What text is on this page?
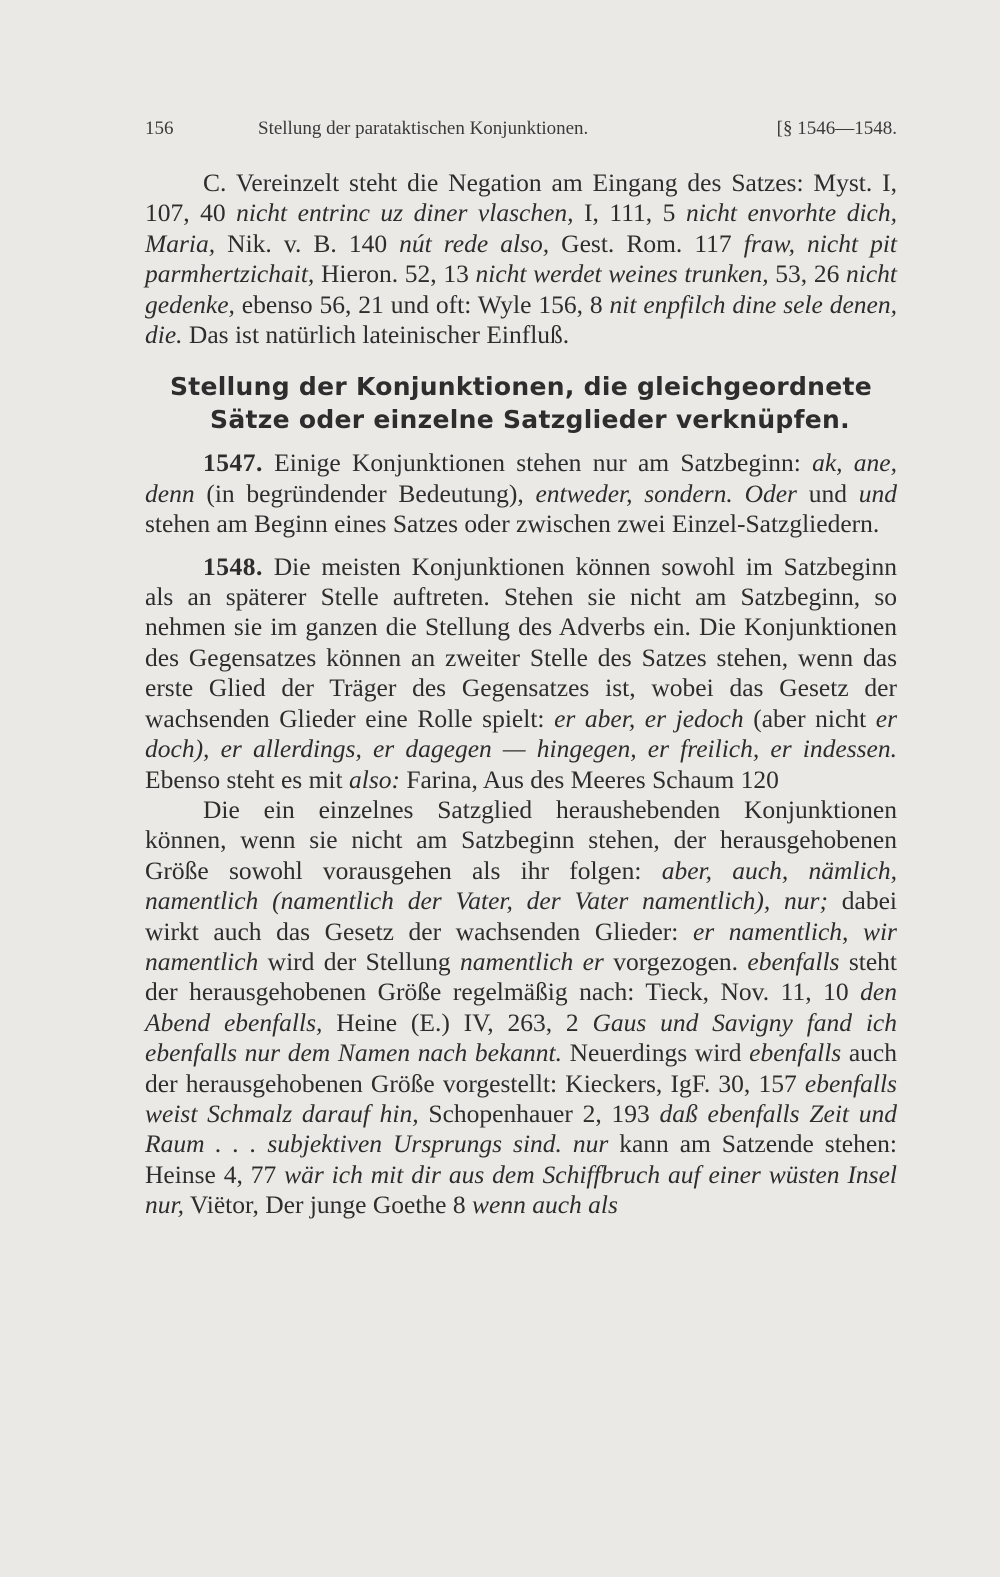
156	Stellung der parataktischen Konjunktionen.	[§ 1546—1548.

C. Vereinzelt steht die Negation am Eingang des Satzes: Myst. I, 107, 40 nicht entrinc uz diner vlaschen, I, 111, 5 nicht envorhte dich, Maria, Nik. v. B. 140 nút rede also, Gest. Rom. 117 fraw, nicht pit parmhertzichait, Hieron. 52, 13 nicht werdet weines trunken, 53, 26 nicht gedenke, ebenso 56, 21 und oft: Wyle 156, 8 nit enpfilch dine sele denen, die. Das ist natürlich lateinischer Einfluß.

Stellung der Konjunktionen, die gleichgeordnete
Sätze oder einzelne Satzglieder verknüpfen.

1547. Einige Konjunktionen stehen nur am Satzbeginn: ak, ane, denn (in begründender Bedeutung), entweder, sondern. Oder und und stehen am Beginn eines Satzes oder zwischen zwei Einzel-Satzgliedern.

1548. Die meisten Konjunktionen können sowohl im Satzbeginn als an späterer Stelle auftreten. Stehen sie nicht am Satzbeginn, so nehmen sie im ganzen die Stellung des Adverbs ein. Die Konjunktionen des Gegensatzes können an zweiter Stelle des Satzes stehen, wenn das erste Glied der Träger des Gegensatzes ist, wobei das Gesetz der wachsenden Glieder eine Rolle spielt: er aber, er jedoch (aber nicht er doch), er allerdings, er dagegen — hingegen, er freilich, er indessen. Ebenso steht es mit also: Farina, Aus des Meeres Schaum 120

Die ein einzelnes Satzglied heraushebenden Konjunktionen können, wenn sie nicht am Satzbeginn stehen, der herausgehobenen Größe sowohl vorausgehen als ihr folgen: aber, auch, nämlich, namentlich (namentlich der Vater, der Vater namentlich), nur; dabei wirkt auch das Gesetz der wachsenden Glieder: er namentlich, wir namentlich wird der Stellung namentlich er vorgezogen. ebenfalls steht der herausgehobenen Größe regelmäßig nach: Tieck, Nov. 11, 10 den Abend ebenfalls, Heine (E.) IV, 263, 2 Gaus und Savigny fand ich ebenfalls nur dem Namen nach bekannt. Neuerdings wird ebenfalls auch der herausgehobenen Größe vorgestellt: Kieckers, IgF. 30, 157 ebenfalls weist Schmalz darauf hin, Schopenhauer 2, 193 daß ebenfalls Zeit und Raum . . . subjektiven Ursprungs sind. nur kann am Satzende stehen: Heinse 4, 77 wär ich mit dir aus dem Schiffbruch auf einer wüsten Insel nur, Viëtor, Der junge Goethe 8 wenn auch als
